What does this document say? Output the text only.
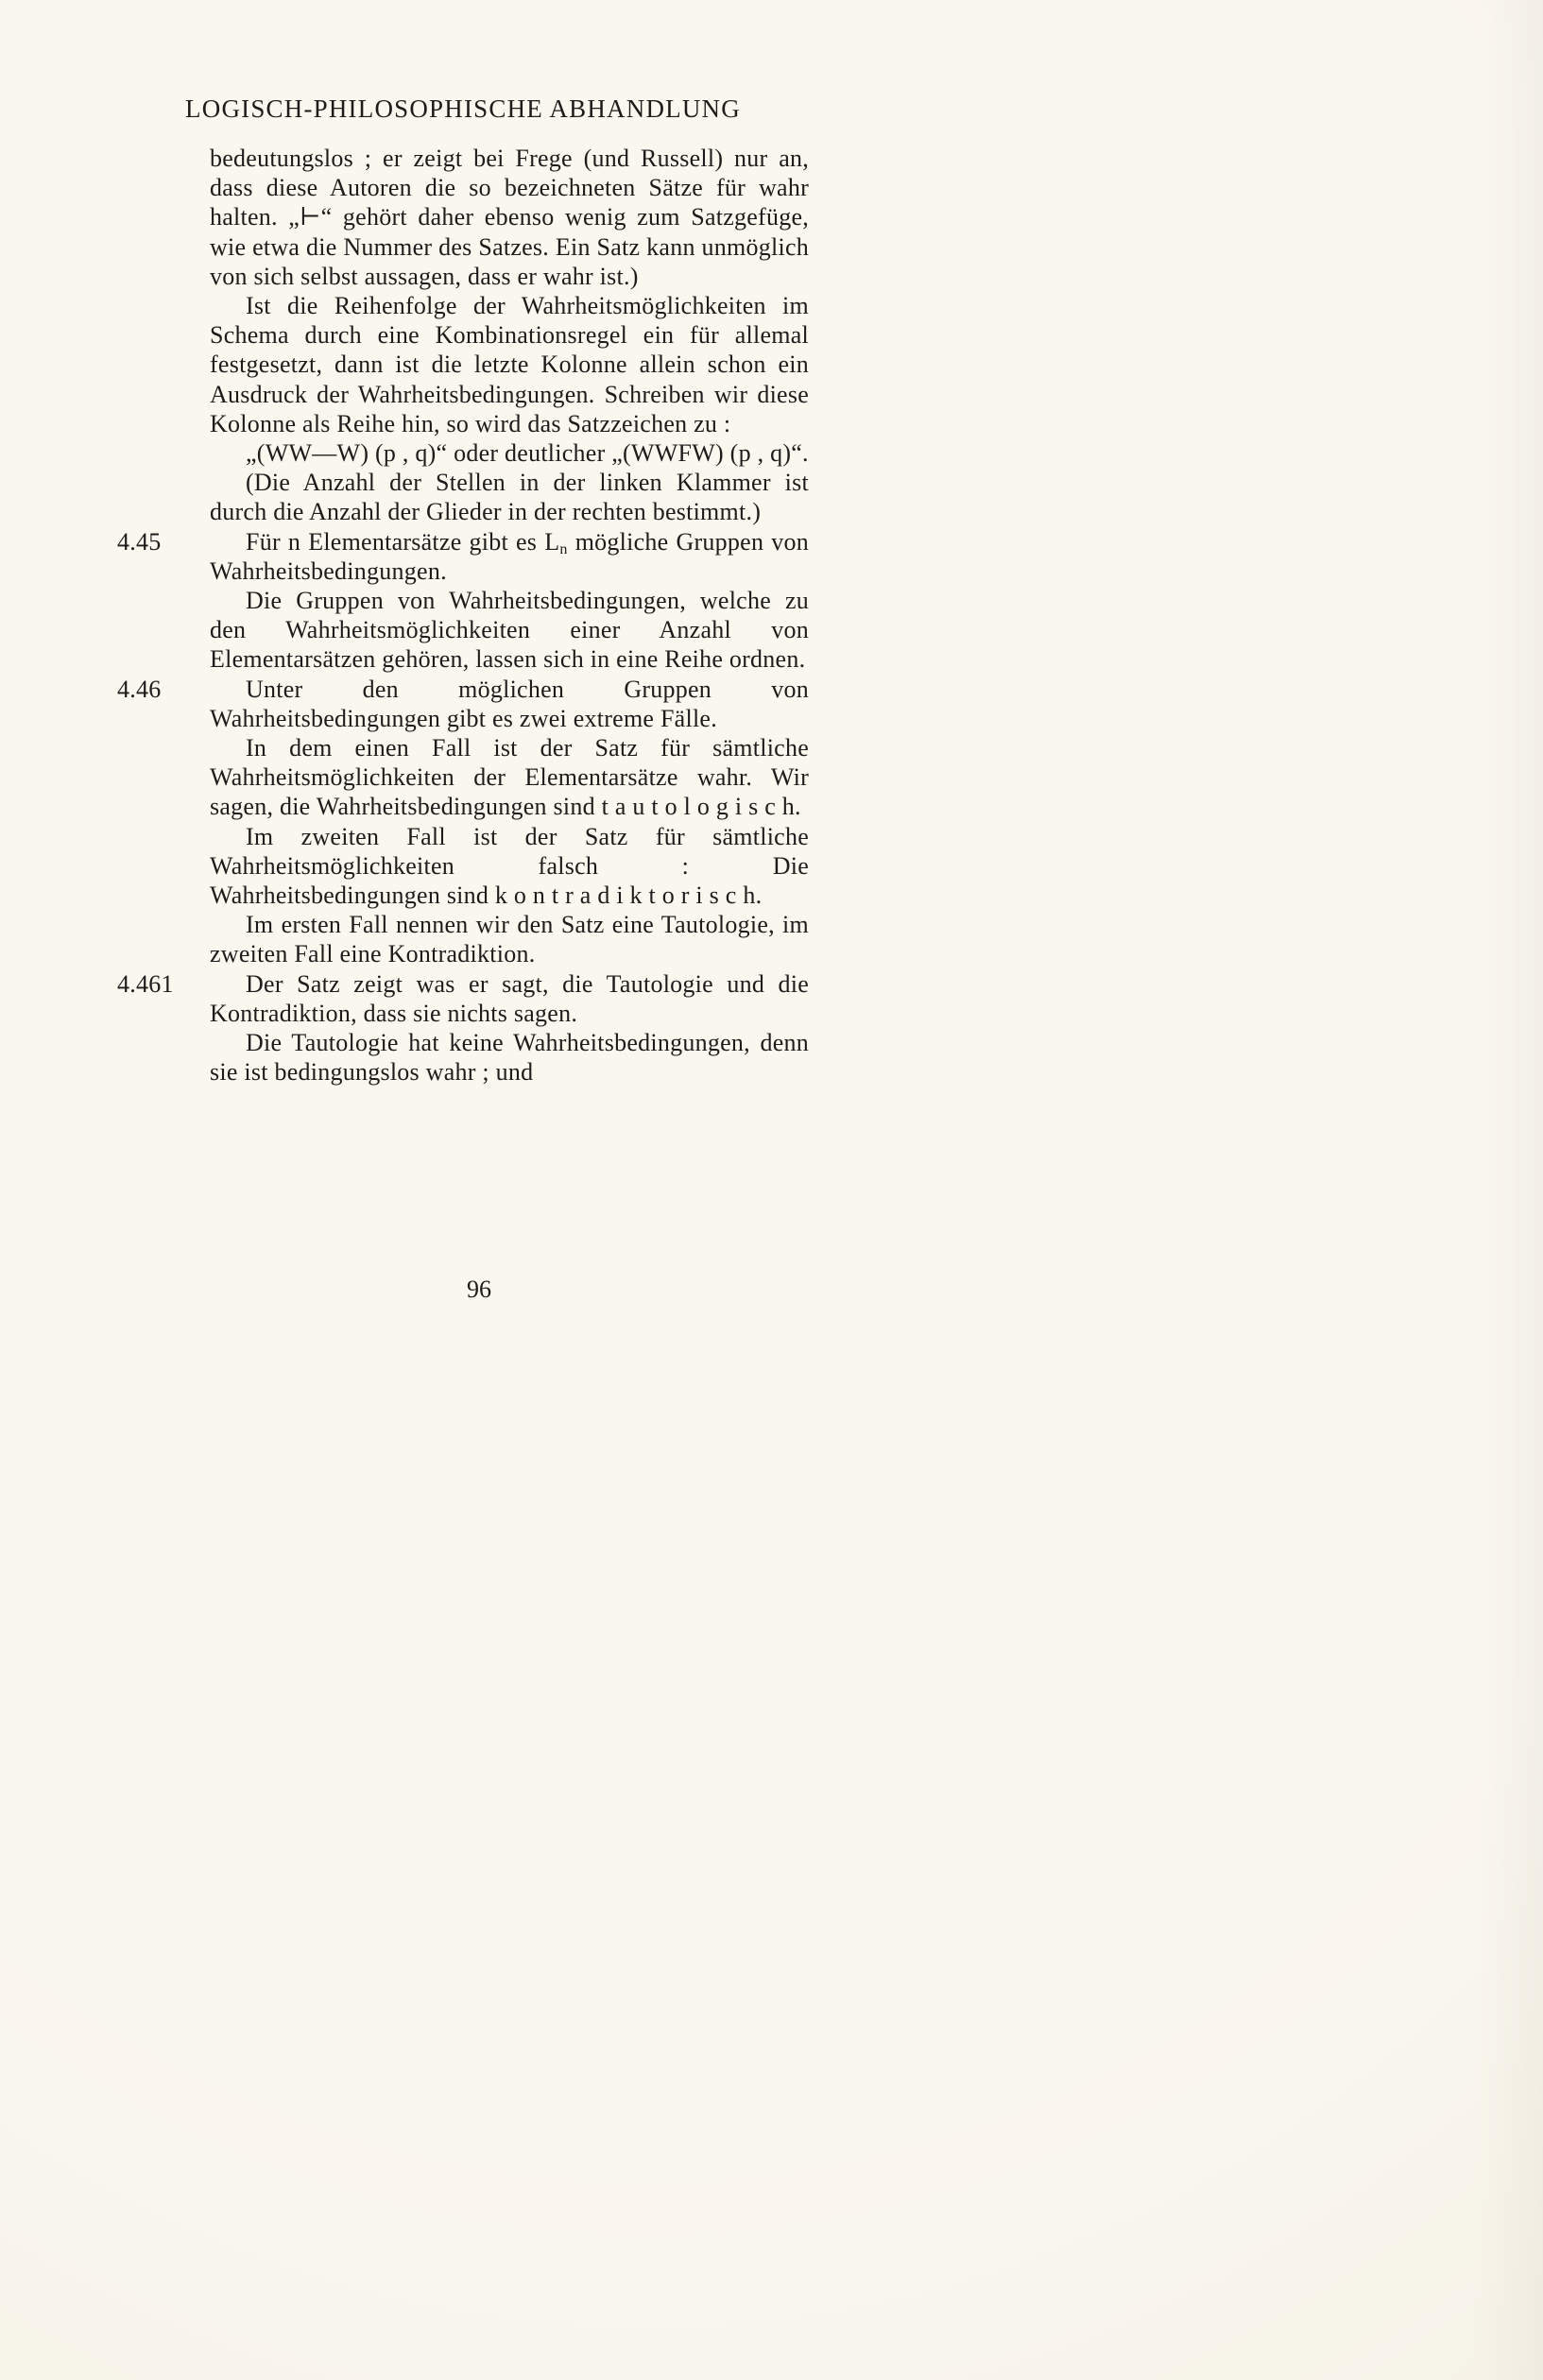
LOGISCH-PHILOSOPHISCHE ABHANDLUNG

bedeutungslos ; er zeigt bei Frege (und Russell) nur an, dass diese Autoren die so bezeichneten Sätze für wahr halten. „⊢“ gehört daher ebenso wenig zum Satzgefüge, wie etwa die Nummer des Satzes. Ein Satz kann unmöglich von sich selbst aussagen, dass er wahr ist.)

Ist die Reihenfolge der Wahrheitsmöglichkeiten im Schema durch eine Kombinationsregel ein für allemal festgesetzt, dann ist die letzte Kolonne allein schon ein Ausdruck der Wahrheitsbedingungen. Schreiben wir diese Kolonne als Reihe hin, so wird das Satzzeichen zu :

„(WW—W) (p , q)“ oder deutlicher „(WWFW) (p , q)“.

(Die Anzahl der Stellen in der linken Klammer ist durch die Anzahl der Glieder in der rechten bestimmt.)

4.45	Für n Elementarsätze gibt es $L_n$ mögliche Gruppen von Wahrheitsbedingungen.

Die Gruppen von Wahrheitsbedingungen, welche zu den Wahrheitsmöglichkeiten einer Anzahl von Elementarsätzen gehören, lassen sich in eine Reihe ordnen.

4.46	Unter den möglichen Gruppen von Wahrheitsbedingungen gibt es zwei extreme Fälle.

In dem einen Fall ist der Satz für sämtliche Wahrheitsmöglichkeiten der Elementarsätze wahr. Wir sagen, die Wahrheitsbedingungen sind t a u t o l o g i s c h.

Im zweiten Fall ist der Satz für sämtliche Wahrheitsmöglichkeiten falsch : Die Wahrheitsbedingungen sind k o n t r a d i k t o r i s c h.

Im ersten Fall nennen wir den Satz eine Tautologie, im zweiten Fall eine Kontradiktion.

4.461	Der Satz zeigt was er sagt, die Tautologie und die Kontradiktion, dass sie nichts sagen.

Die Tautologie hat keine Wahrheitsbedingungen, denn sie ist bedingungslos wahr ; und

96
